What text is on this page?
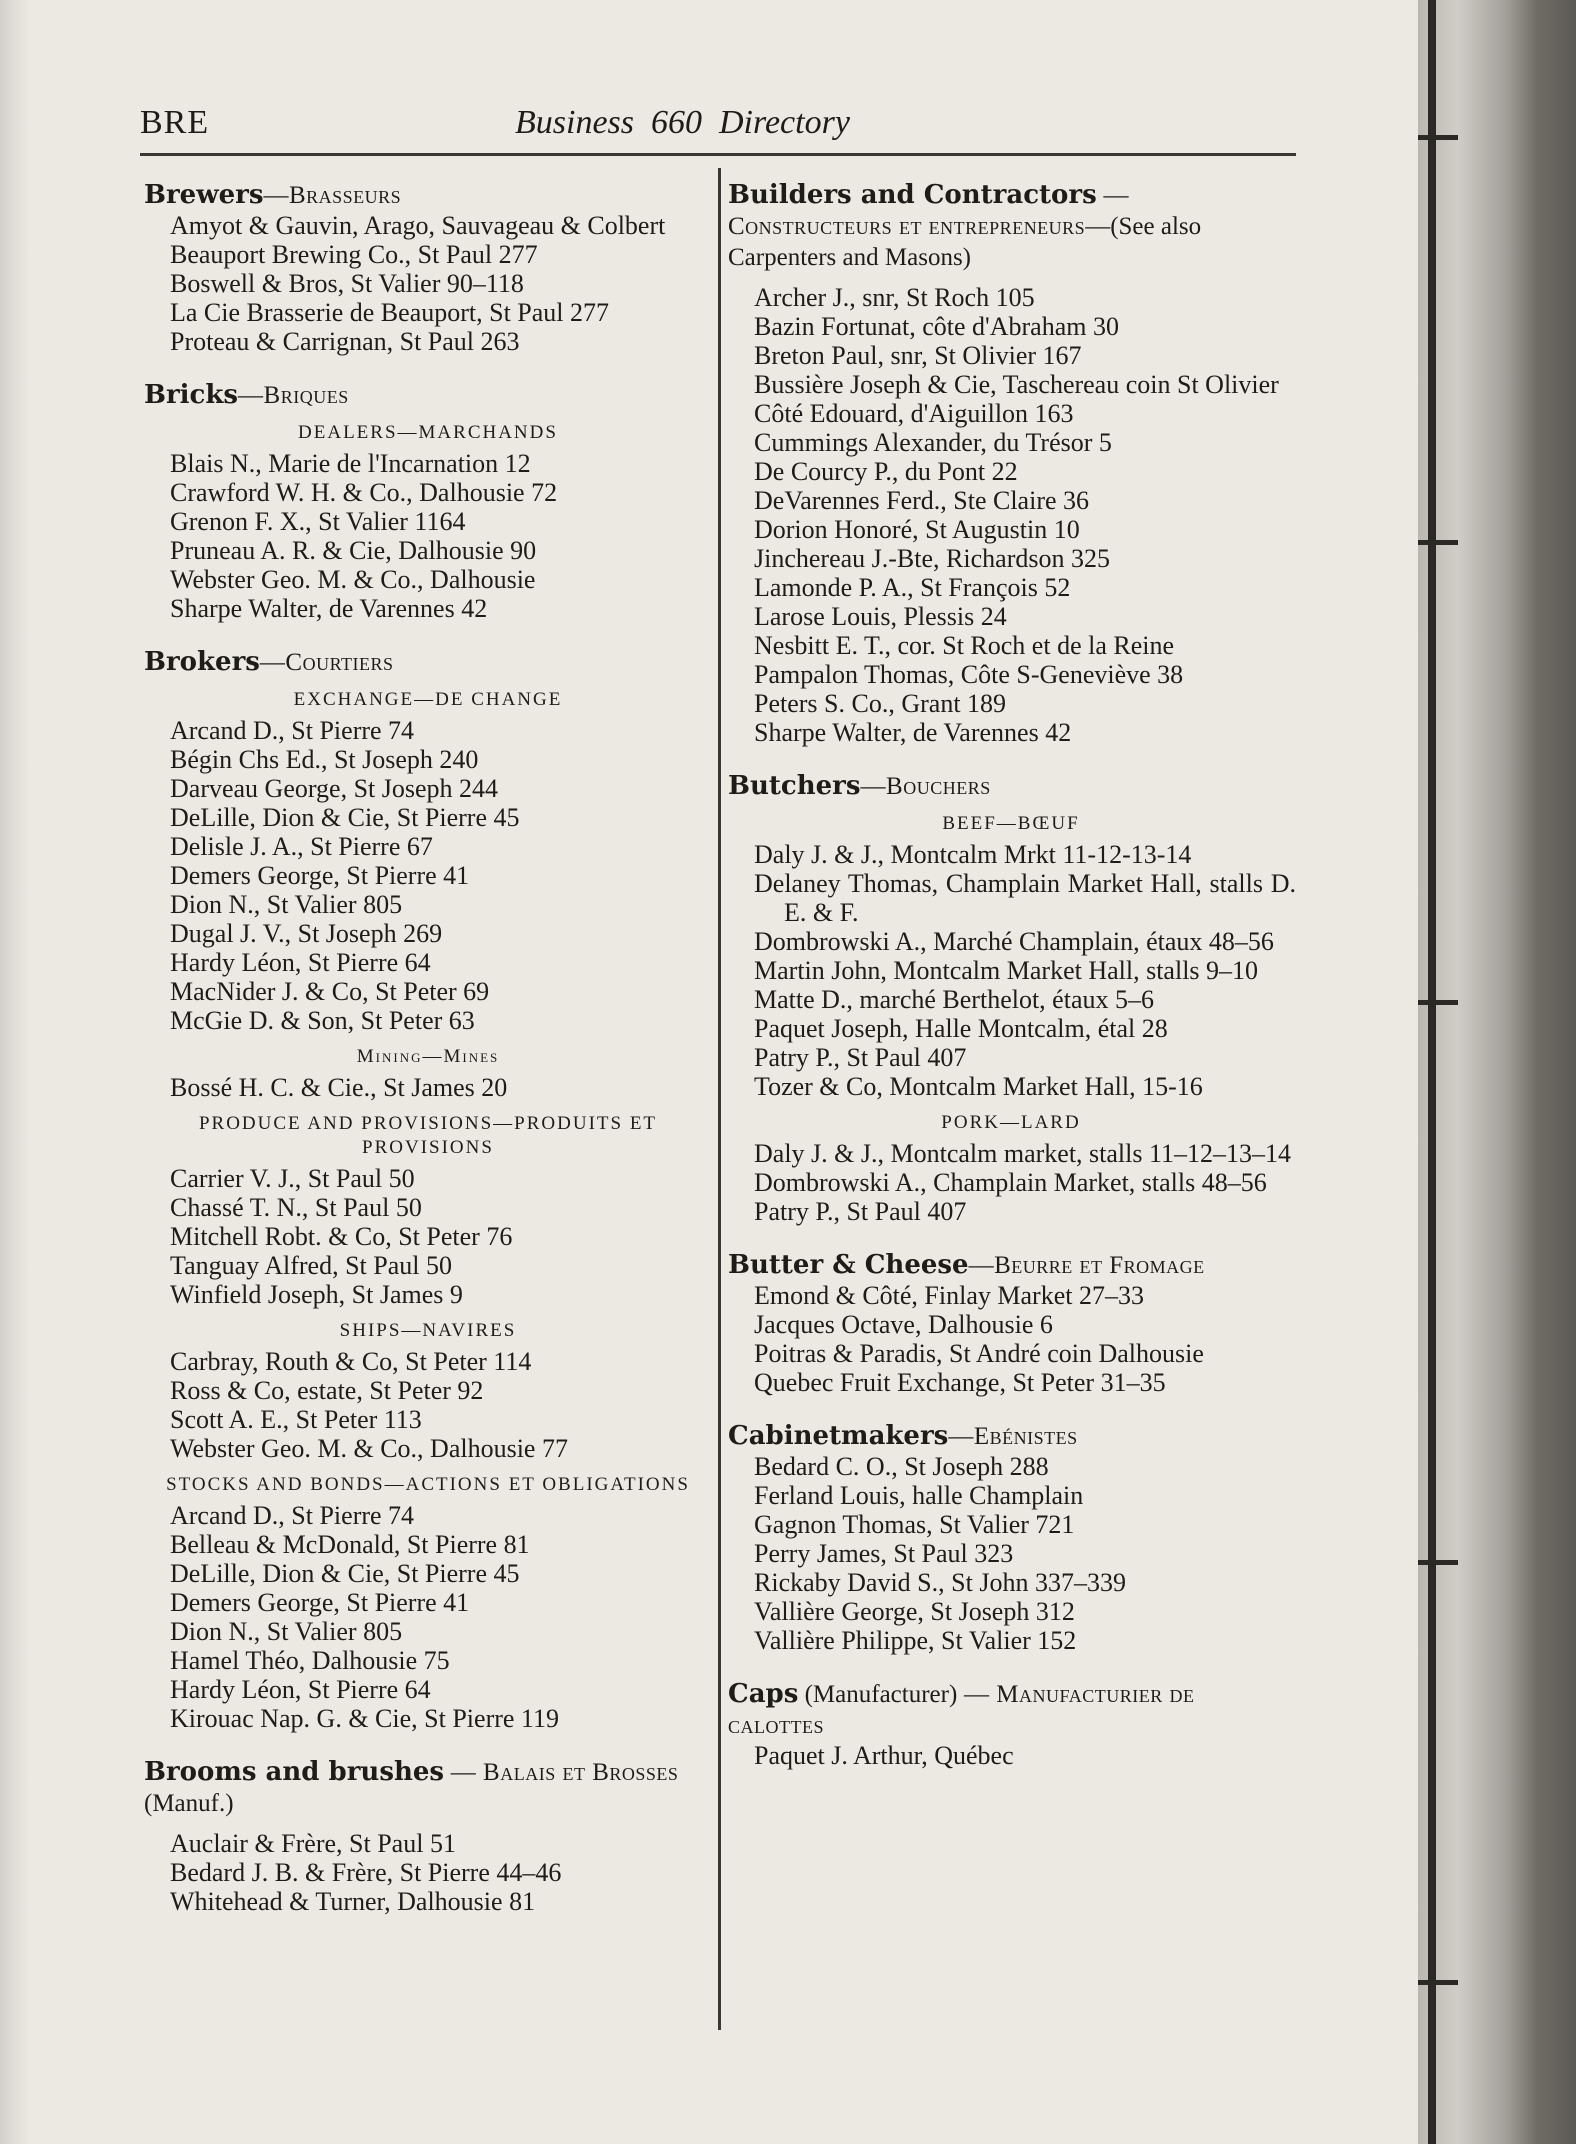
BRE	Business  660  Directory

Brewers—Brasseurs

Amyot & Gauvin, Arago, Sauvageau & Colbert
Beauport Brewing Co., St Paul 277
Boswell & Bros, St Valier 90–118
La Cie Brasserie de Beauport, St Paul 277
Proteau & Carrignan, St Paul 263

Bricks—Briques

DEALERS—MARCHANDS
Blais N., Marie de l'Incarnation 12
Crawford W. H. & Co., Dalhousie 72
Grenon F. X., St Valier 1164
Pruneau A. R. & Cie, Dalhousie 90
Webster Geo. M. & Co., Dalhousie
Sharpe Walter, de Varennes 42

Brokers—Courtiers

EXCHANGE—DE CHANGE
Arcand D., St Pierre 74
Bégin Chs Ed., St Joseph 240
Darveau George, St Joseph 244
DeLille, Dion & Cie, St Pierre 45
Delisle J. A., St Pierre 67
Demers George, St Pierre 41
Dion N., St Valier 805
Dugal J. V., St Joseph 269
Hardy Léon, St Pierre 64
MacNider J. & Co, St Peter 69
McGie D. & Son, St Peter 63
Mining—Mines
Bossé H. C. & Cie., St James 20
PRODUCE AND PROVISIONS—PRODUITS ET PROVISIONS
Carrier V. J., St Paul 50
Chassé T. N., St Paul 50
Mitchell Robt. & Co, St Peter 76
Tanguay Alfred, St Paul 50
Winfield Joseph, St James 9
SHIPS—NAVIRES
Carbray, Routh & Co, St Peter 114
Ross & Co, estate, St Peter 92
Scott A. E., St Peter 113
Webster Geo. M. & Co., Dalhousie 77
STOCKS AND BONDS—ACTIONS ET OBLIGATIONS
Arcand D., St Pierre 74
Belleau & McDonald, St Pierre 81
DeLille, Dion & Cie, St Pierre 45
Demers George, St Pierre 41
Dion N., St Valier 805
Hamel Théo, Dalhousie 75
Hardy Léon, St Pierre 64
Kirouac Nap. G. & Cie, St Pierre 119

Brooms and brushes — Balais et Brosses (Manuf.)

Auclair & Frère, St Paul 51
Bedard J. B. & Frère, St Pierre 44–46
Whitehead & Turner, Dalhousie 81

Builders and Contractors — Constructeurs et entrepreneurs—(See also Carpenters and Masons)

Archer J., snr, St Roch 105
Bazin Fortunat, côte d'Abraham 30
Breton Paul, snr, St Olivier 167
Bussière Joseph & Cie, Taschereau coin St Olivier
Côté Edouard, d'Aiguillon 163
Cummings Alexander, du Trésor 5
De Courcy P., du Pont 22
DeVarennes Ferd., Ste Claire 36
Dorion Honoré, St Augustin 10
Jinchereau J.-Bte, Richardson 325
Lamonde P. A., St François 52
Larose Louis, Plessis 24
Nesbitt E. T., cor. St Roch et de la Reine
Pampalon Thomas, Côte S-Geneviève 38
Peters S. Co., Grant 189
Sharpe Walter, de Varennes 42

Butchers—Bouchers

BEEF—BŒUF
Daly J. & J., Montcalm Mrkt 11-12-13-14
Delaney Thomas, Champlain Market Hall, stalls D. E. & F.
Dombrowski A., Marché Champlain, étaux 48–56
Martin John, Montcalm Market Hall, stalls 9–10
Matte D., marché Berthelot, étaux 5–6
Paquet Joseph, Halle Montcalm, étal 28
Patry P., St Paul 407
Tozer & Co, Montcalm Market Hall, 15-16
PORK—LARD
Daly J. & J., Montcalm market, stalls 11–12–13–14
Dombrowski A., Champlain Market, stalls 48–56
Patry P., St Paul 407

Butter & Cheese—Beurre et Fromage

Emond & Côté, Finlay Market 27–33
Jacques Octave, Dalhousie 6
Poitras & Paradis, St André coin Dalhousie
Quebec Fruit Exchange, St Peter 31–35

Cabinetmakers—Ebénistes

Bedard C. O., St Joseph 288
Ferland Louis, halle Champlain
Gagnon Thomas, St Valier 721
Perry James, St Paul 323
Rickaby David S., St John 337–339
Vallière George, St Joseph 312
Vallière Philippe, St Valier 152

Caps (Manufacturer) — Manufacturier de calottes

Paquet J. Arthur, Québec
